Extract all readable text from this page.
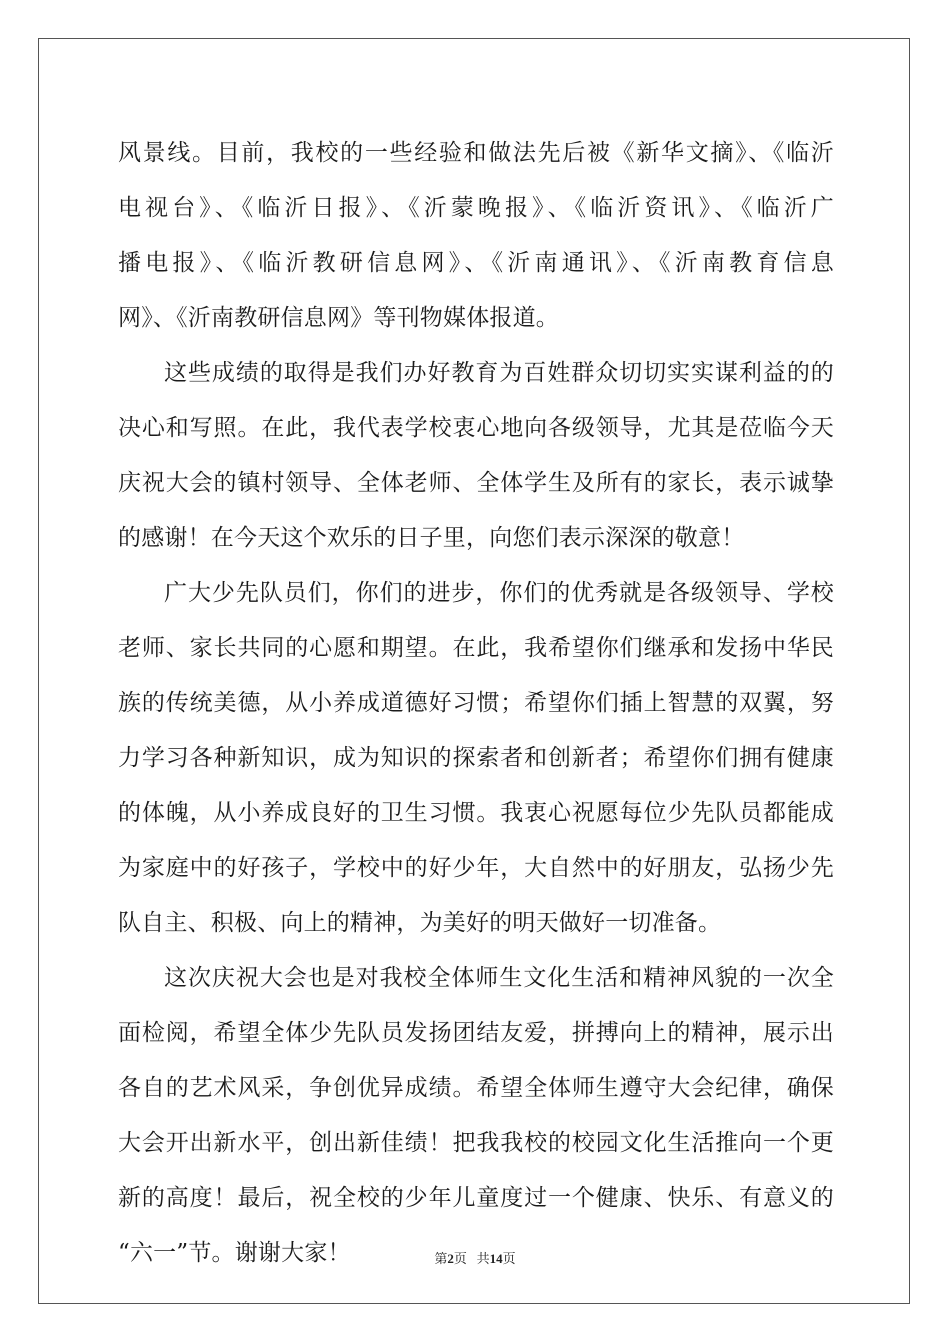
风景线。目前，我校的一些经验和做法先后被《新华文摘》、《临沂
电视台》、《临沂日报》、《沂蒙晚报》、《临沂资讯》、《临沂广
播电报》、《临沂教研信息网》、《沂南通讯》、《沂南教育信息
网》、《沂南教研信息网》等刊物媒体报道。
这些成绩的取得是我们办好教育为百姓群众切切实实谋利益的的
决心和写照。在此，我代表学校衷心地向各级领导，尤其是莅临今天
庆祝大会的镇村领导、全体老师、全体学生及所有的家长，表示诚挚
的感谢！在今天这个欢乐的日子里，向您们表示深深的敬意！
广大少先队员们，你们的进步，你们的优秀就是各级领导、学校
老师、家长共同的心愿和期望。在此，我希望你们继承和发扬中华民
族的传统美德，从小养成道德好习惯；希望你们插上智慧的双翼，努
力学习各种新知识，成为知识的探索者和创新者；希望你们拥有健康
的体魄，从小养成良好的卫生习惯。我衷心祝愿每位少先队员都能成
为家庭中的好孩子，学校中的好少年，大自然中的好朋友，弘扬少先
队自主、积极、向上的精神，为美好的明天做好一切准备。
这次庆祝大会也是对我校全体师生文化生活和精神风貌的一次全
面检阅，希望全体少先队员发扬团结友爱，拼搏向上的精神，展示出
各自的艺术风采，争创优异成绩。希望全体师生遵守大会纪律，确保
大会开出新水平，创出新佳绩！把我我校的校园文化生活推向一个更
新的高度！最后，祝全校的少年儿童度过一个健康、快乐、有意义的
“六一”节。谢谢大家！	第2页 共14页
